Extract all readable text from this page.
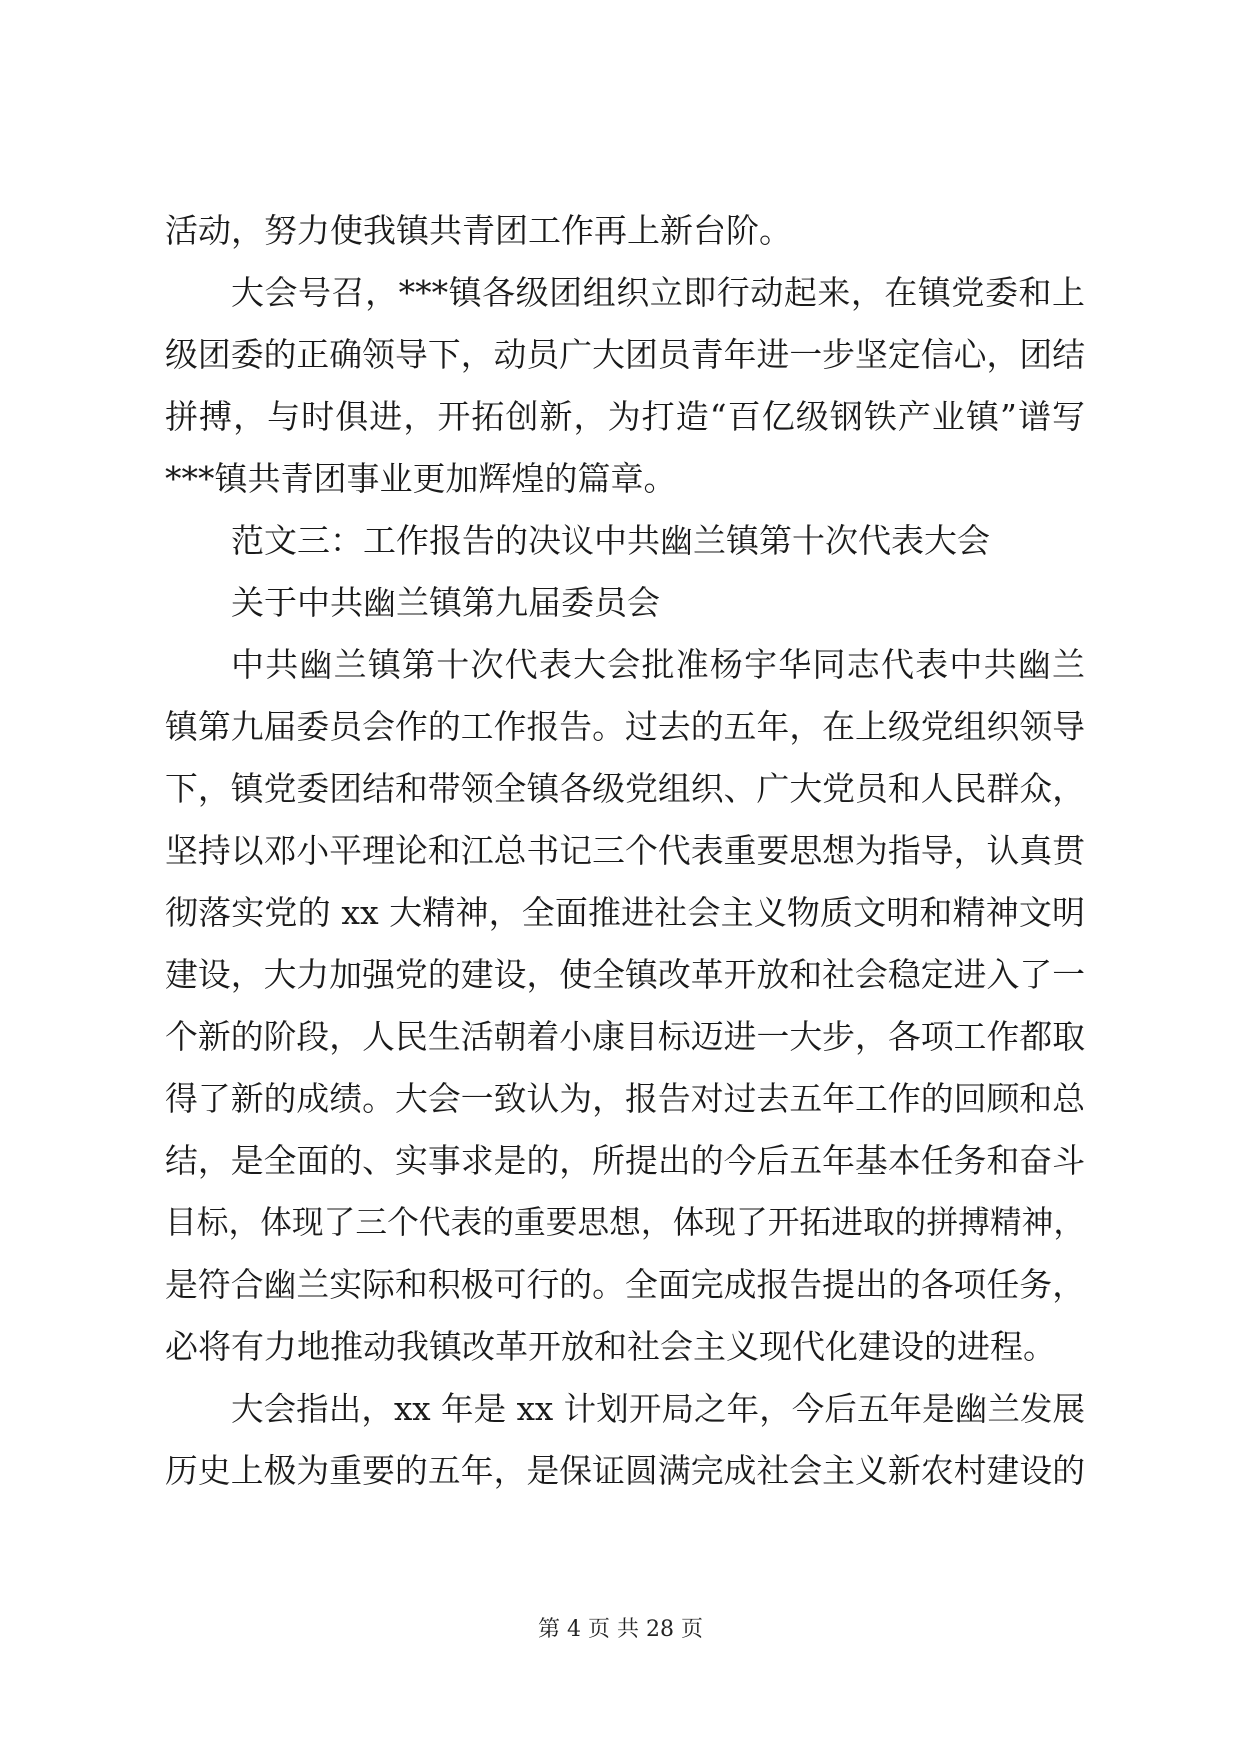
活动，努力使我镇共青团工作再上新台阶。
大会号召，***镇各级团组织立即行动起来，在镇党委和上
级团委的正确领导下，动员广大团员青年进一步坚定信心，团结
拼搏，与时俱进，开拓创新，为打造“百亿级钢铁产业镇”谱写
***镇共青团事业更加辉煌的篇章。
范文三：工作报告的决议中共幽兰镇第十次代表大会
关于中共幽兰镇第九届委员会
中共幽兰镇第十次代表大会批准杨宇华同志代表中共幽兰
镇第九届委员会作的工作报告。过去的五年，在上级党组织领导
下，镇党委团结和带领全镇各级党组织、广大党员和人民群众，
坚持以邓小平理论和江总书记三个代表重要思想为指导，认真贯
彻落实党的 xx 大精神，全面推进社会主义物质文明和精神文明
建设，大力加强党的建设，使全镇改革开放和社会稳定进入了一
个新的阶段，人民生活朝着小康目标迈进一大步，各项工作都取
得了新的成绩。大会一致认为，报告对过去五年工作的回顾和总
结，是全面的、实事求是的，所提出的今后五年基本任务和奋斗
目标，体现了三个代表的重要思想，体现了开拓进取的拼搏精神，
是符合幽兰实际和积极可行的。全面完成报告提出的各项任务，
必将有力地推动我镇改革开放和社会主义现代化建设的进程。
大会指出，xx 年是 xx 计划开局之年，今后五年是幽兰发展
历史上极为重要的五年，是保证圆满完成社会主义新农村建设的
第 4 页 共 28 页
